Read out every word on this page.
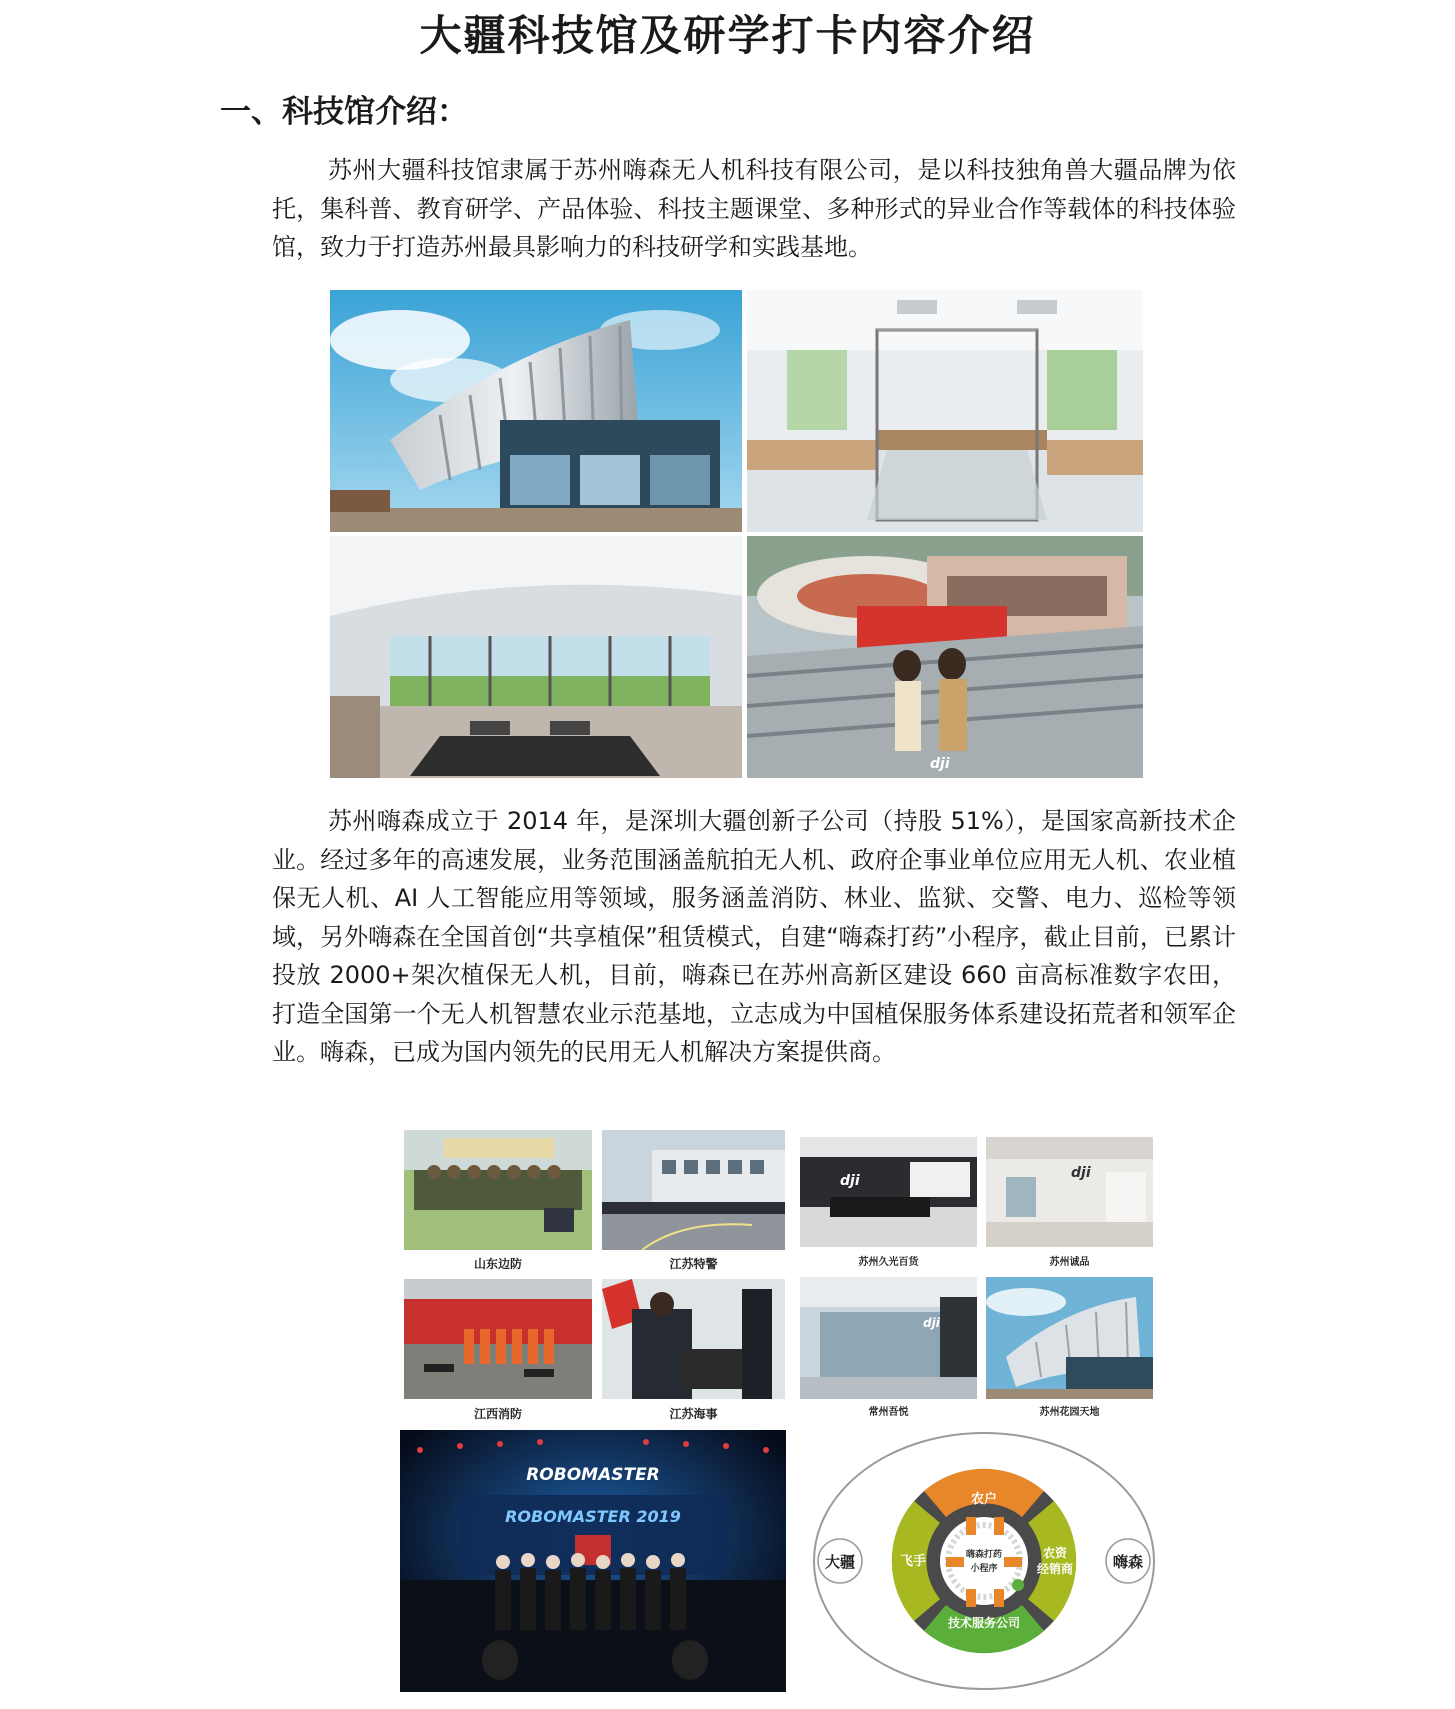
大疆科技馆及研学打卡内容介绍
一、科技馆介绍：

苏州大疆科技馆隶属于苏州嗨森无人机科技有限公司，是以科技独角兽大疆品牌为依托，集科普、教育研学、产品体验、科技主题课堂、多种形式的异业合作等载体的科技体验馆，致力于打造苏州最具影响力的科技研学和实践基地。

dji

苏州嗨森成立于 2014 年，是深圳大疆创新子公司（持股 51%），是国家高新技术企业。经过多年的高速发展，业务范围涵盖航拍无人机、政府企事业单位应用无人机、农业植保无人机、AI 人工智能应用等领域，服务涵盖消防、林业、监狱、交警、电力、巡检等领域，另外嗨森在全国首创“共享植保”租赁模式，自建“嗨森打药”小程序，截止目前，已累计投放 2000+架次植保无人机，目前，嗨森已在苏州高新区建设 660 亩高标准数字农田，打造全国第一个无人机智慧农业示范基地，立志成为中国植保服务体系建设拓荒者和领军企业。嗨森，已成为国内领先的民用无人机解决方案提供商。

山东边防	江苏特警
dji
苏州久光百货
dji
苏州诚品
江西消防	江苏海事
dji
常州吾悦	苏州花园天地
ROBOMASTER
ROBOMASTER 2019
大疆	嗨森
农户
飞手
农资
经销商
技术服务公司
嗨森打药
小程序
